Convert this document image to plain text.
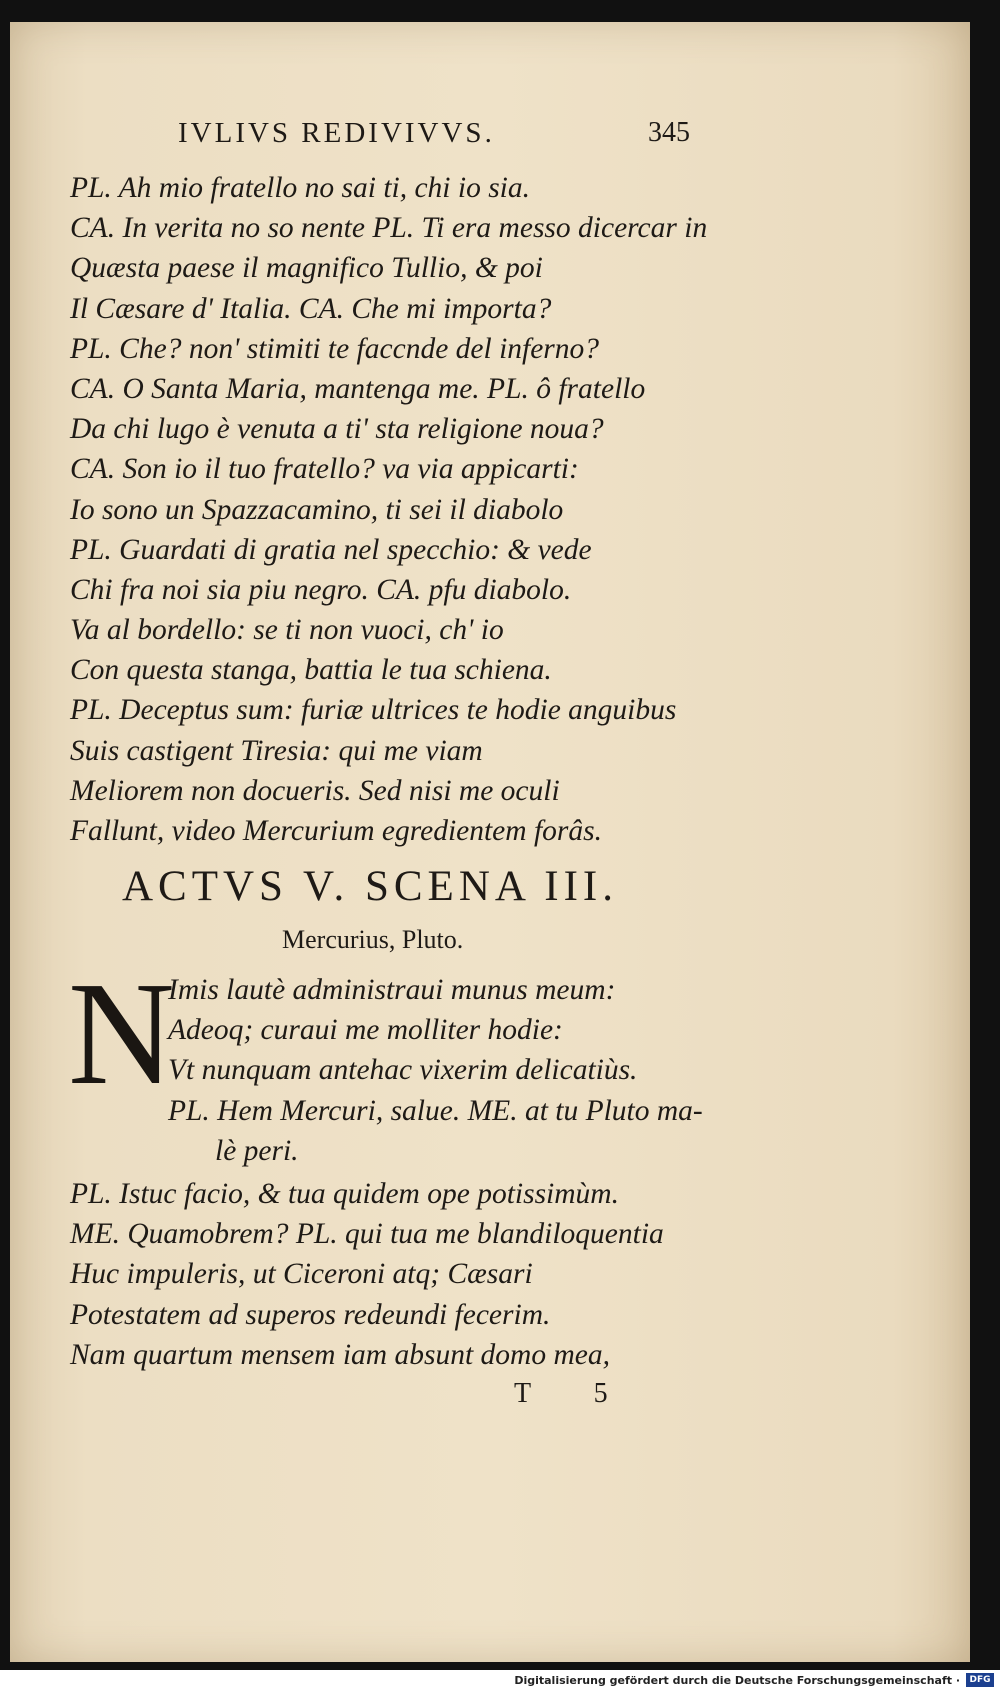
IVLIVS REDIVIVVS.	345
PL. Ah mio fratello no sai ti, chi io sia.
CA. In verita no so nente PL. Ti era messo dicercar in
Quæsta paese il magnifico Tullio, & poi
Il Cæsare d' Italia. CA. Che mi importa?
PL. Che? non' stimiti te faccnde del inferno?
CA. O Santa Maria, mantenga me. PL. ô fratello
Da chi lugo è venuta a ti' sta religione noua?
CA. Son io il tuo fratello? va via appicarti:
Io sono un Spazzacamino, ti sei il diabolo
PL. Guardati di gratia nel specchio: & vede
Chi fra noi sia piu negro. CA. pfu diabolo.
Va al bordello: se ti non vuoci, ch' io
Con questa stanga, battia le tua schiena.
PL. Deceptus sum: furiæ ultrices te hodie anguibus
Suis castigent Tiresia: qui me viam
Meliorem non docueris. Sed nisi me oculi
Fallunt, video Mercurium egredientem forâs.
ACTVS V. SCENA III.
Mercurius, Pluto.
N
Imis lautè administraui munus meum:
Adeoq; curaui me molliter hodie:
Vt nunquam antehac vixerim delicatiùs.
PL. Hem Mercuri, salue. ME. at tu Pluto ma-
lè peri.
PL. Istuc facio, & tua quidem ope potissimùm.
ME. Quamobrem? PL. qui tua me blandiloquentia
Huc impuleris, ut Ciceroni atq; Cæsari
Potestatem ad superos redeundi fecerim.
Nam quartum mensem iam absunt domo mea,
T 5
Digitalisierung gefördert durch die Deutsche Forschungsgemeinschaft ·	DFG
